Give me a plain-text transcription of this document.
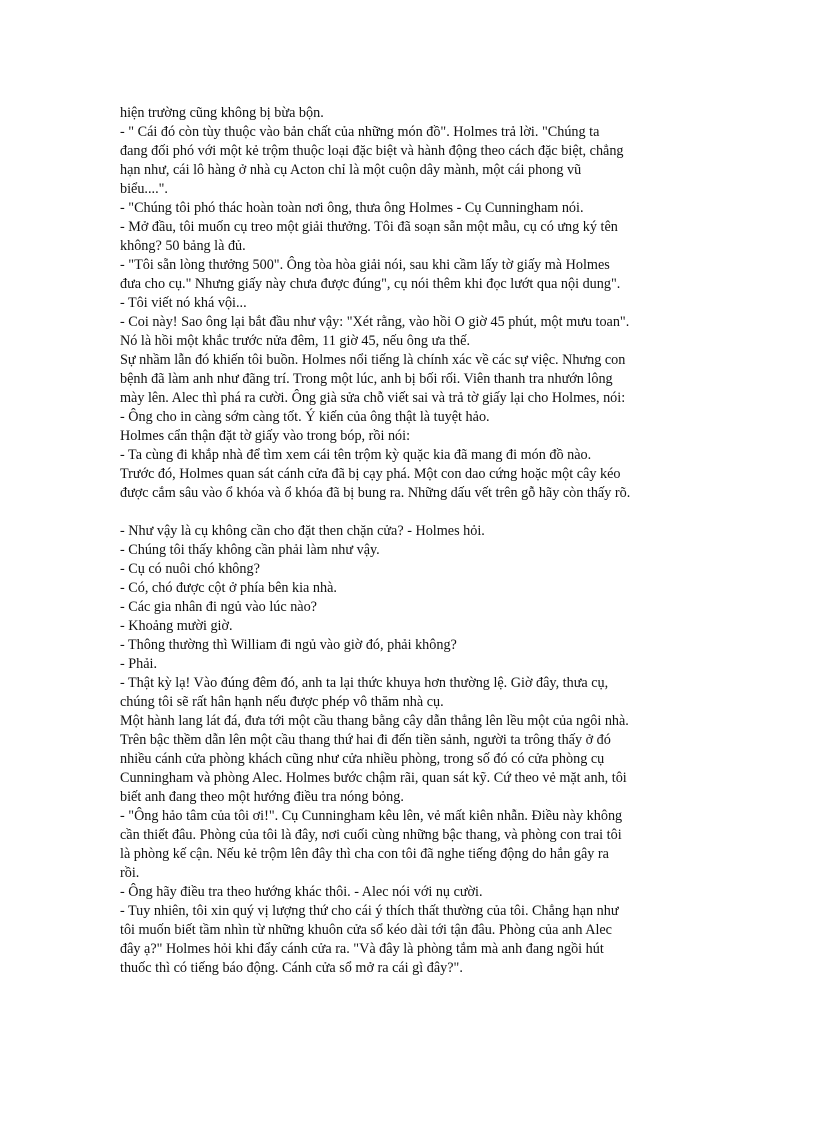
hiện trường cũng không bị bừa bộn.
- " Cái đó còn tùy thuộc vào bản chất của những món đồ". Holmes trả lời. "Chúng ta
đang đối phó với một kẻ trộm thuộc loại đặc biệt và hành động theo cách đặc biệt, chẳng
hạn như, cái lô hàng ở nhà cụ Acton chỉ là một cuộn dây mành, một cái phong vũ
biểu....".
- "Chúng tôi phó thác hoàn toàn nơi ông, thưa ông Holmes - Cụ Cunningham nói.
- Mở đầu, tôi muốn cụ treo một giải thưởng. Tôi đã soạn sẵn một mẫu, cụ có ưng ký tên
không? 50 bảng là đủ.
- "Tôi sẵn lòng thưởng 500". Ông tòa hòa giải nói, sau khi cầm lấy tờ giấy mà Holmes
đưa cho cụ." Nhưng giấy này chưa được đúng", cụ nói thêm khi đọc lướt qua nội dung".
- Tôi viết nó khá vội...
- Coi này! Sao ông lại bắt đầu như vậy: "Xét rằng, vào hồi O giờ 45 phút, một mưu toan".
Nó là hồi một khắc trước nửa đêm, 11 giờ 45, nếu ông ưa thế.
Sự nhầm lẫn đó khiến tôi buồn. Holmes nổi tiếng là chính xác về các sự việc. Nhưng con
bệnh đã làm anh như đãng trí. Trong một lúc, anh bị bối rối. Viên thanh tra nhướn lông
mày lên. Alec thì phá ra cười. Ông già sửa chỗ viết sai và trả tờ giấy lại cho Holmes, nói:
- Ông cho in càng sớm càng tốt. Ý kiến của ông thật là tuyệt hảo.
Holmes cẩn thận đặt tờ giấy vào trong bóp, rồi nói:
- Ta cùng đi khắp nhà để tìm xem cái tên trộm kỳ quặc kia đã mang đi món đồ nào.
Trước đó, Holmes quan sát cánh cửa đã bị cạy phá. Một con dao cứng hoặc một cây kéo
được cắm sâu vào ổ khóa và ổ khóa đã bị bung ra. Những dấu vết trên gỗ hãy còn thấy rõ.
- Như vậy là cụ không cần cho đặt then chặn cửa? - Holmes hỏi.
- Chúng tôi thấy không cần phải làm như vậy.
- Cụ có nuôi chó không?
- Có, chó được cột ở phía bên kia nhà.
- Các gia nhân đi ngủ vào lúc nào?
- Khoảng mười giờ.
- Thông thường thì William đi ngủ vào giờ đó, phải không?
- Phải.
- Thật kỳ lạ! Vào đúng đêm đó, anh ta lại thức khuya hơn thường lệ. Giờ đây, thưa cụ,
chúng tôi sẽ rất hân hạnh nếu được phép vô thăm nhà cụ.
Một hành lang lát đá, đưa tới một cầu thang bằng cây dẫn thẳng lên lều một của ngôi nhà.
Trên bậc thềm dẫn lên một cầu thang thứ hai đi đến tiền sảnh, người ta trông thấy ở đó
nhiều cánh cửa phòng khách cũng như cửa nhiều phòng, trong số đó có cửa phòng cụ
Cunningham và phòng Alec. Holmes bước chậm rãi, quan sát kỹ. Cứ theo vẻ mặt anh, tôi
biết anh đang theo một hướng điều tra nóng bỏng.
- "Ông hảo tâm của tôi ơi!". Cụ Cunningham kêu lên, vẻ mất kiên nhẫn. Điều này không
cần thiết đâu. Phòng của tôi là đây, nơi cuối cùng những bậc thang, và phòng con trai tôi
là phòng kế cận. Nếu kẻ trộm lên đây thì cha con tôi đã nghe tiếng động do hắn gây ra
rồi.
- Ông hãy điều tra theo hướng khác thôi. - Alec nói với nụ cười.
- Tuy nhiên, tôi xin quý vị lượng thứ cho cái ý thích thất thường của tôi. Chẳng hạn như
tôi muốn biết tầm nhìn từ những khuôn cửa sổ kéo dài tới tận đâu. Phòng của anh Alec
đây ạ?" Holmes hỏi khi đẩy cánh cửa ra. "Và đây là phòng tắm mà anh đang ngồi hút
thuốc thì có tiếng báo động. Cánh cửa sổ mở ra cái gì đây?".
